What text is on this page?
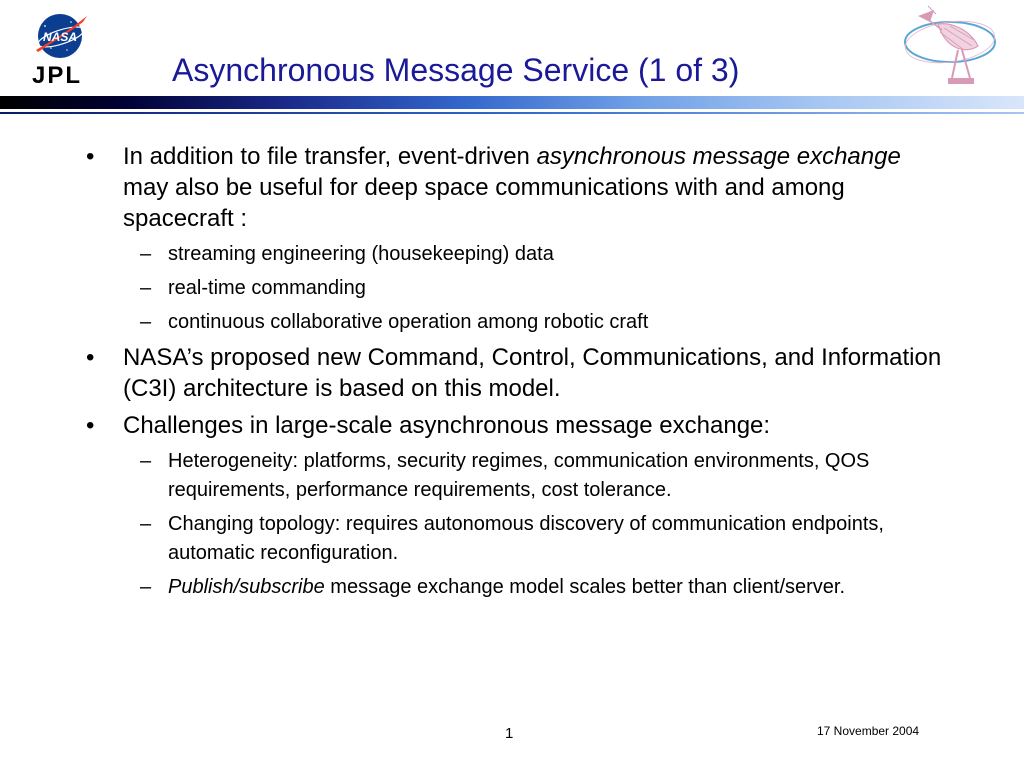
NASA
JPL	Asynchronous Message Service (1 of 3)
•	In addition to file transfer, event-driven asynchronous message exchange may also be useful for deep space communications with and among spacecraft :
– streaming engineering (housekeeping) data
– real-time commanding
– continuous collaborative operation among robotic craft
•	NASA’s proposed new Command, Control, Communications, and Information (C3I) architecture is based on this model.
•	Challenges in large-scale asynchronous message exchange:
– Heterogeneity: platforms, security regimes, communication environments, QOS requirements, performance requirements, cost tolerance.
– Changing topology: requires autonomous discovery of communication endpoints, automatic reconfiguration.
– Publish/subscribe message exchange model scales better than client/server.
1	17 November 2004
